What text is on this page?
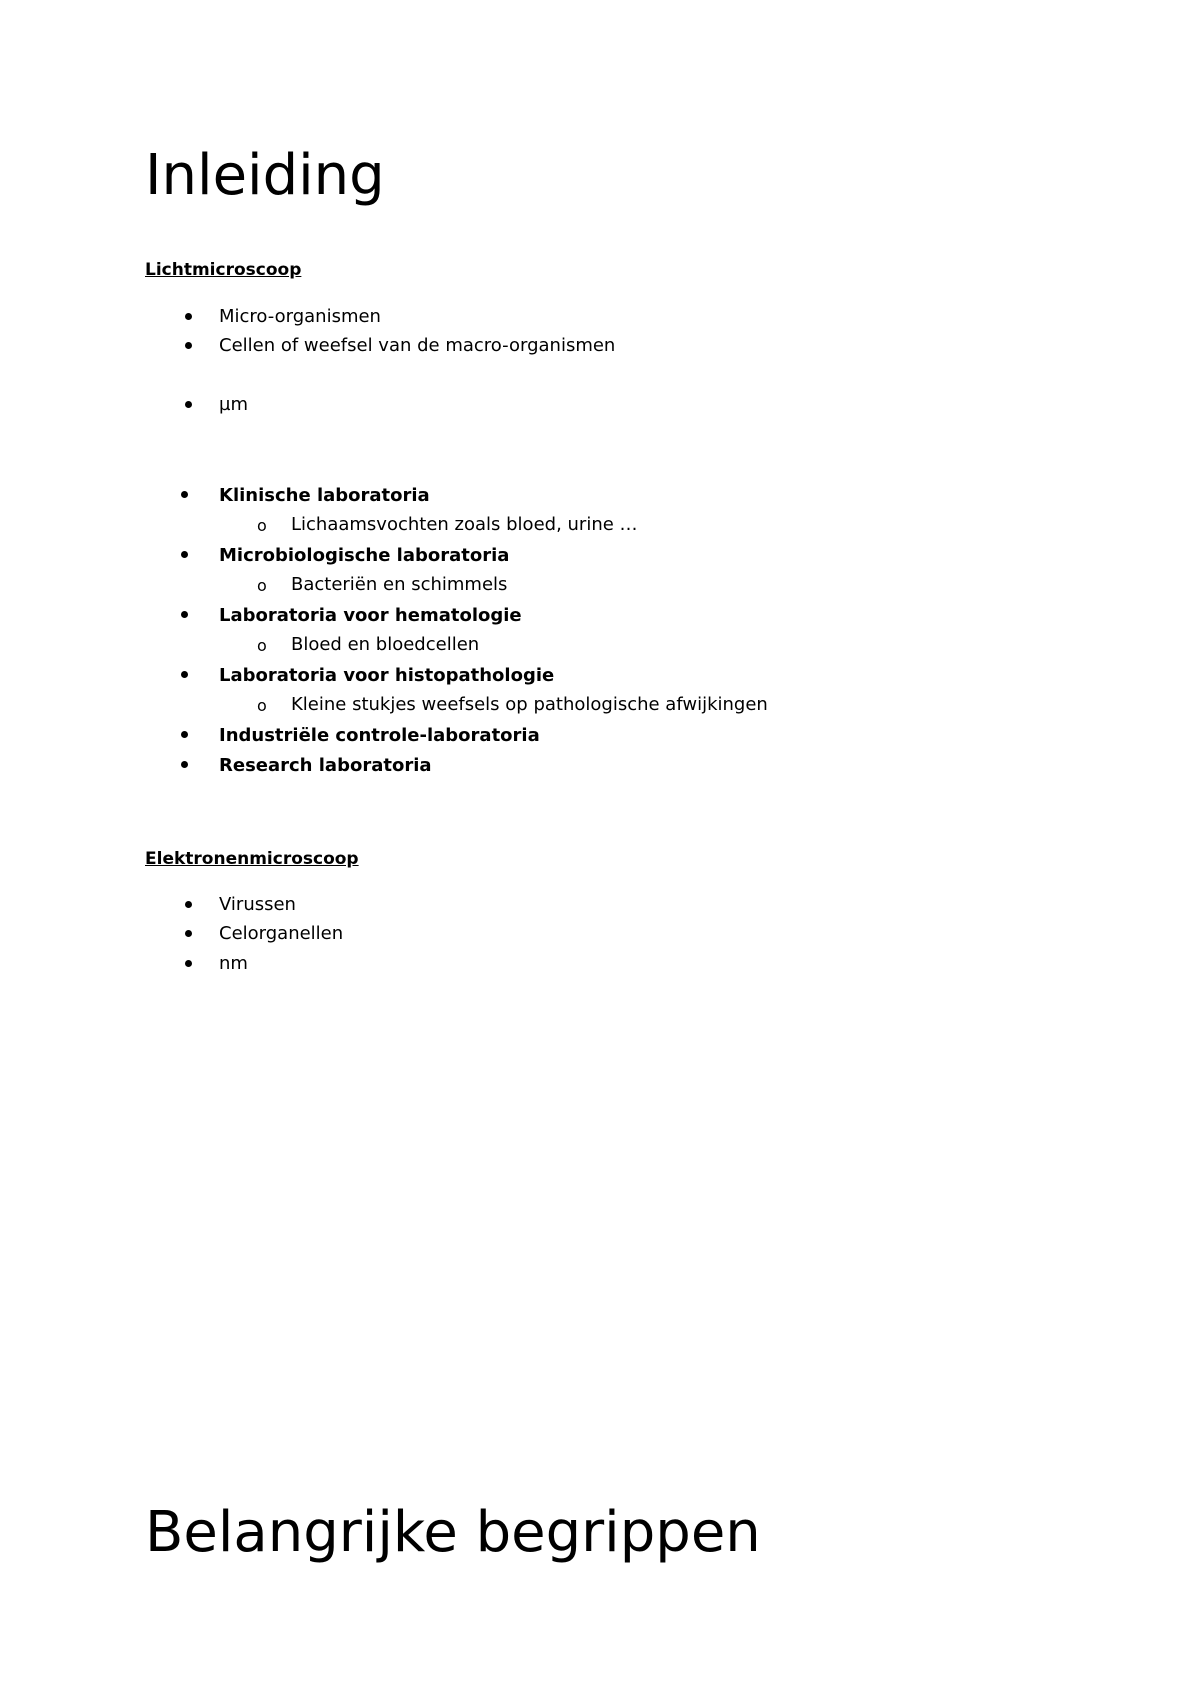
Inleiding
Lichtmicroscoop
Micro-organismen
Cellen of weefsel van de macro-organismen
µm
Klinische laboratoria
o Lichaamsvochten zoals bloed, urine …
Microbiologische laboratoria
o Bacteriën en schimmels
Laboratoria voor hematologie
o Bloed en bloedcellen
Laboratoria voor histopathologie
o Kleine stukjes weefsels op pathologische afwijkingen
Industriële controle-laboratoria
Research laboratoria
Elektronenmicroscoop
Virussen
Celorganellen
nm
Belangrijke begrippen
